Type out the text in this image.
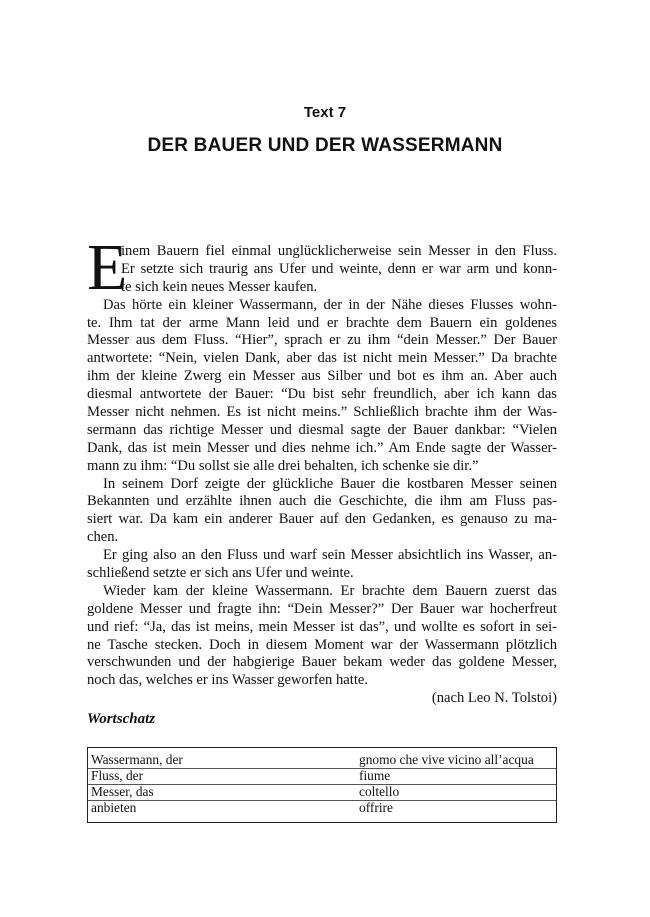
Text 7
DER BAUER UND DER WASSERMANN
E
inem Bauern fiel einmal unglücklicherweise sein Messer in den Fluss.
Er setzte sich traurig ans Ufer und weinte, denn er war arm und konn-
te sich kein neues Messer kaufen.
Das hörte ein kleiner Wassermann, der in der Nähe dieses Flusses wohn-
te. Ihm tat der arme Mann leid und er brachte dem Bauern ein goldenes
Messer aus dem Fluss. “Hier”, sprach er zu ihm “dein Messer.” Der Bauer
antwortete: “Nein, vielen Dank, aber das ist nicht mein Messer.” Da brachte
ihm der kleine Zwerg ein Messer aus Silber und bot es ihm an. Aber auch
diesmal antwortete der Bauer: “Du bist sehr freundlich, aber ich kann das
Messer nicht nehmen. Es ist nicht meins.” Schließlich brachte ihm der Was-
sermann das richtige Messer und diesmal sagte der Bauer dankbar: “Vielen
Dank, das ist mein Messer und dies nehme ich.” Am Ende sagte der Wasser-
mann zu ihm: “Du sollst sie alle drei behalten, ich schenke sie dir.”
In seinem Dorf zeigte der glückliche Bauer die kostbaren Messer seinen
Bekannten und erzählte ihnen auch die Geschichte, die ihm am Fluss pas-
siert war. Da kam ein anderer Bauer auf den Gedanken, es genauso zu ma-
chen.
Er ging also an den Fluss und warf sein Messer absichtlich ins Wasser, an-
schließend setzte er sich ans Ufer und weinte.
Wieder kam der kleine Wassermann. Er brachte dem Bauern zuerst das
goldene Messer und fragte ihn: “Dein Messer?” Der Bauer war hocherfreut
und rief: “Ja, das ist meins, mein Messer ist das”, und wollte es sofort in sei-
ne Tasche stecken. Doch in diesem Moment war der Wassermann plötzlich
verschwunden und der habgierige Bauer bekam weder das goldene Messer,
noch das, welches er ins Wasser geworfen hatte.
(nach Leo N. Tolstoi)
Wortschatz
Wassermann, der	gnomo che vive vicino all’acqua
Fluss, der	fiume
Messer, das	coltello
anbieten	offrire
